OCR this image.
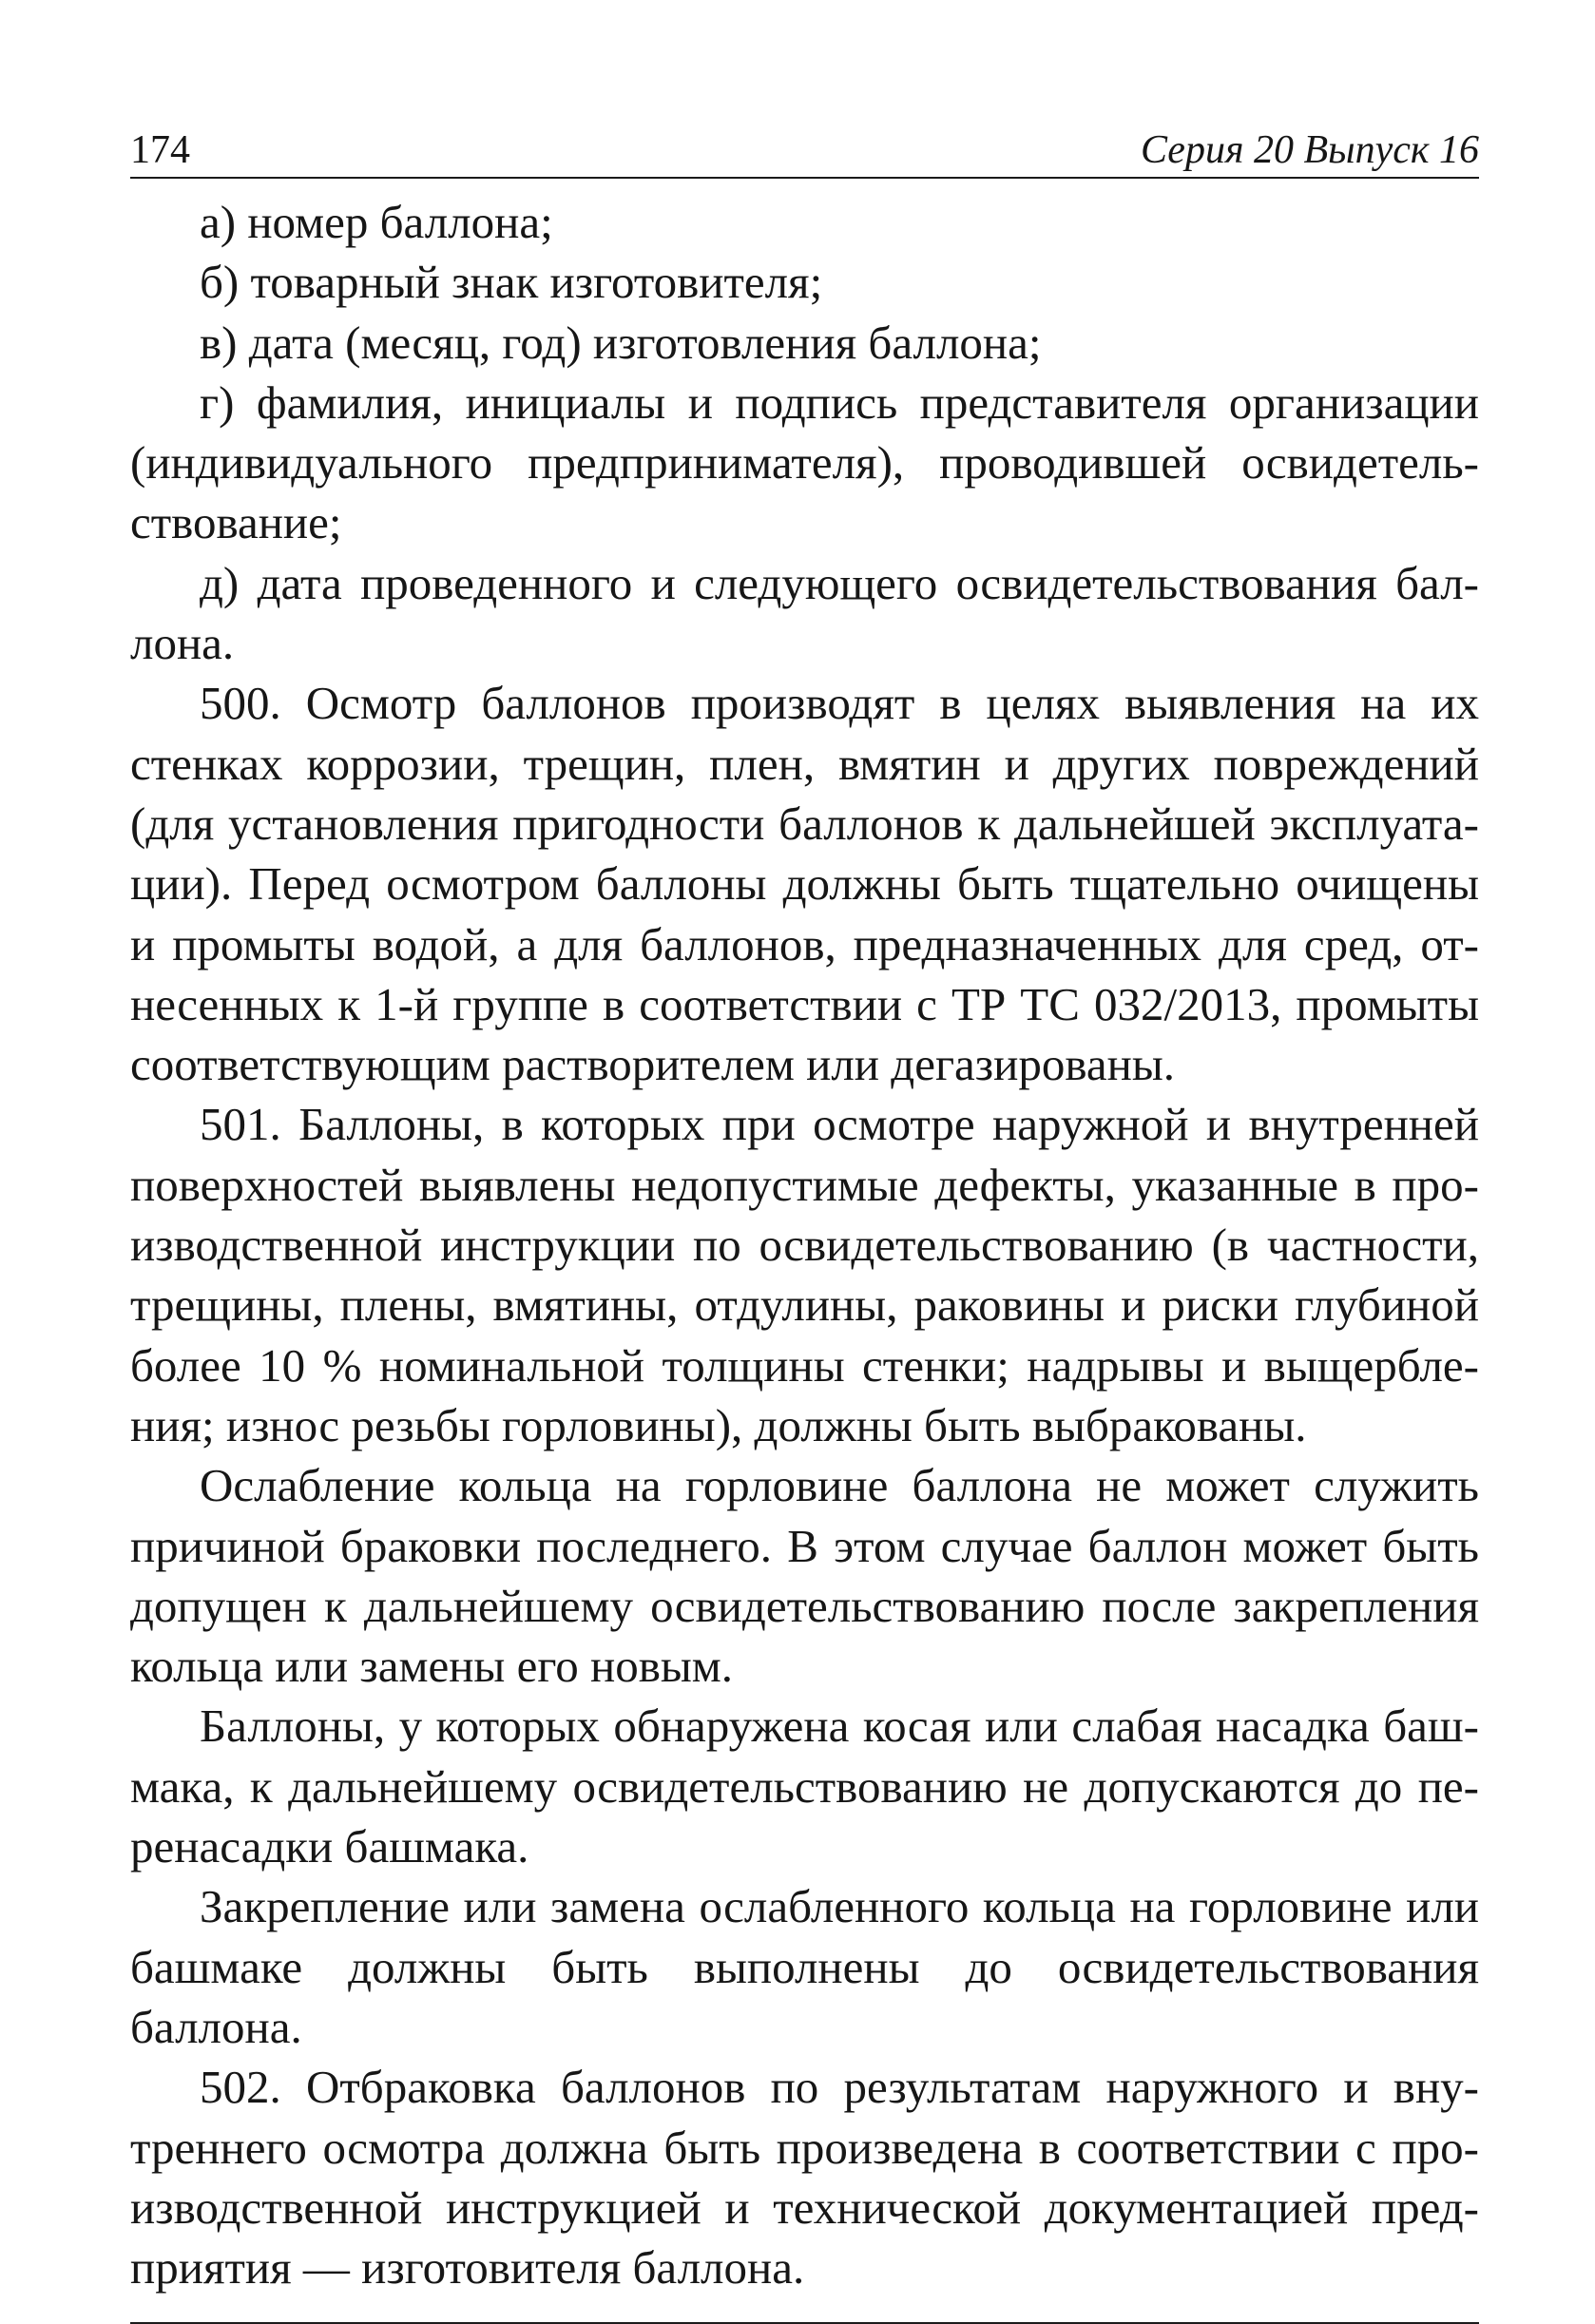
174	Серия 20 Выпуск 16

а) номер баллона;

б) товарный знак изготовителя;

в) дата (месяц, год) изготовления баллона;

г) фамилия, инициалы и подпись представителя организации (индивидуального предпринимателя), проводившей освидетельствование;

д) дата проведенного и следующего освидетельствования баллона.

500. Осмотр баллонов производят в целях выявления на их стенках коррозии, трещин, плен, вмятин и других повреждений (для установления пригодности баллонов к дальнейшей эксплуатации). Перед осмотром баллоны должны быть тщательно очищены и промыты водой, а для баллонов, предназначенных для сред, отнесенных к 1-й группе в соответствии с ТР ТС 032/2013, промыты соответствующим растворителем или дегазированы.

501. Баллоны, в которых при осмотре наружной и внутренней поверхностей выявлены недопустимые дефекты, указанные в производственной инструкции по освидетельствованию (в частности, трещины, плены, вмятины, отдулины, раковины и риски глубиной более 10 % номинальной толщины стенки; надрывы и выщербления; износ резьбы горловины), должны быть выбракованы.

Ослабление кольца на горловине баллона не может служить причиной браковки последнего. В этом случае баллон может быть допущен к дальнейшему освидетельствованию после закрепления кольца или замены его новым.

Баллоны, у которых обнаружена косая или слабая насадка башмака, к дальнейшему освидетельствованию не допускаются до перенасадки башмака.

Закрепление или замена ослабленного кольца на горловине или башмаке должны быть выполнены до освидетельствования баллона.

502. Отбраковка баллонов по результатам наружного и внутреннего осмотра должна быть произведена в соответствии с производственной инструкцией и технической документацией предприятия — изготовителя баллона.
